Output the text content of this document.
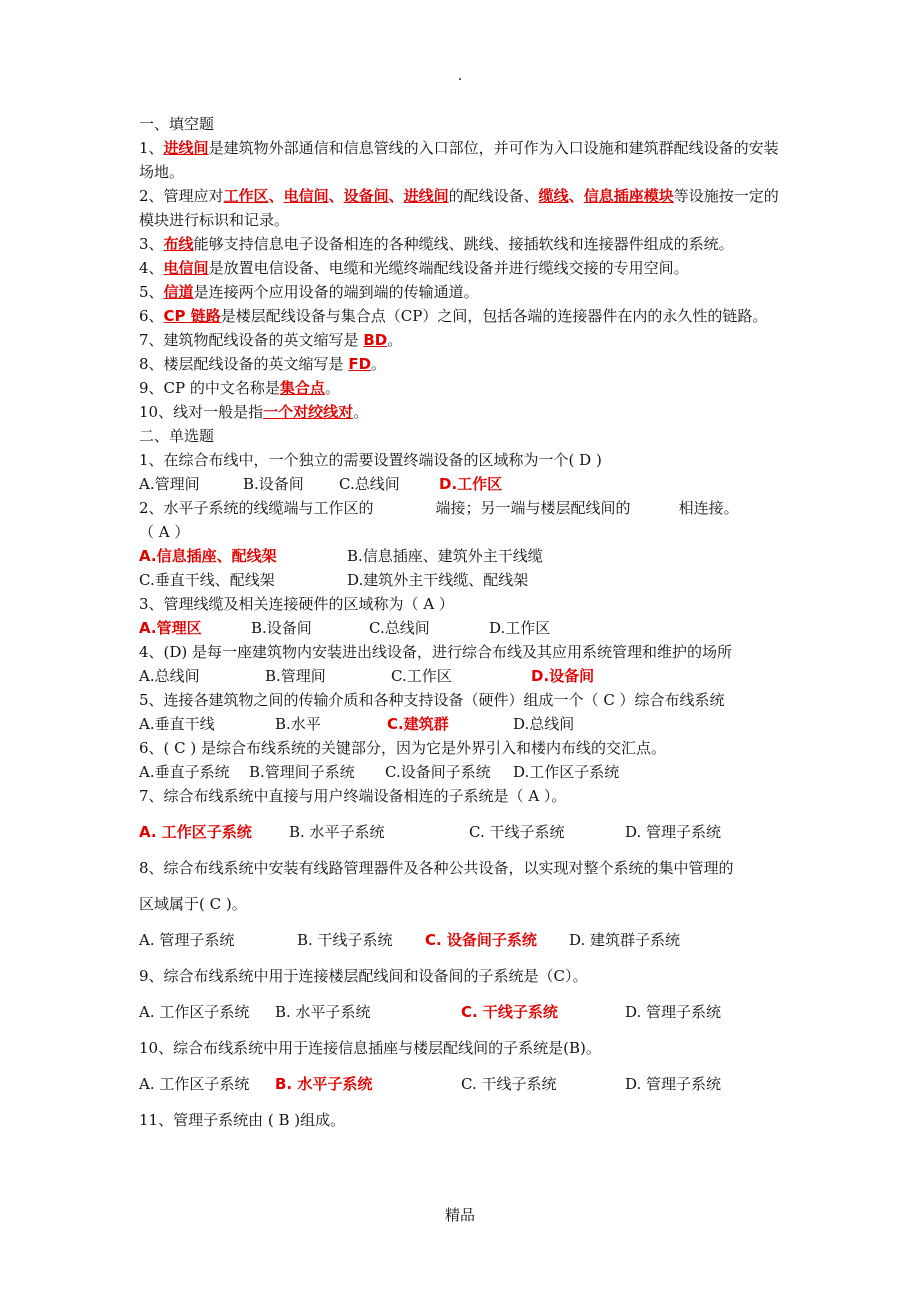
.
一、填空题
1、进线间是建筑物外部通信和信息管线的入口部位，并可作为入口设施和建筑群配线设备的安装场地。
2、管理应对工作区、电信间、设备间、进线间的配线设备、缆线、信息插座模块等设施按一定的模块进行标识和记录。
3、布线能够支持信息电子设备相连的各种缆线、跳线、接插软线和连接器件组成的系统。
4、电信间是放置电信设备、电缆和光缆终端配线设备并进行缆线交接的专用空间。
5、信道是连接两个应用设备的端到端的传输通道。
6、CP 链路是楼层配线设备与集合点（CP）之间，包括各端的连接器件在内的永久性的链路。
7、建筑物配线设备的英文缩写是 BD。
8、楼层配线设备的英文缩写是 FD。
9、CP 的中文名称是集合点。
10、线对一般是指一个对绞线对。
二、单选题
1、在综合布线中，一个独立的需要设置终端设备的区域称为一个( D )
A.管理间	B.设备间 C.总线间	D.工作区
2、水平子系统的线缆端与工作区的	端接；另一端与楼层配线间的	相连接。
（ A ）
A.信息插座、配线架	B.信息插座、建筑外主干线缆
C.垂直干线、配线架	D.建筑外主干线缆、配线架
3、管理线缆及相关连接硬件的区域称为（ A ）
A.管理区	B.设备间	C.总线间	D.工作区
4、(D) 是每一座建筑物内安装进出线设备，进行综合布线及其应用系统管理和维护的场所
A.总线间	B.管理间	C.工作区	D.设备间
5、连接各建筑物之间的传输介质和各种支持设备（硬件）组成一个（ C ）综合布线系统
A.垂直干线	B.水平	C.建筑群	D.总线间
6、( C ) 是综合布线系统的关键部分，因为它是外界引入和楼内布线的交汇点。
A.垂直子系统 B.管理间子系统 C.设备间子系统 D.工作区子系统
7、综合布线系统中直接与用户终端设备相连的子系统是（ A ）。
A. 工作区子系统 B. 水平子系统	C. 干线子系统	D. 管理子系统
8、综合布线系统中安装有线路管理器件及各种公共设备，以实现对整个系统的集中管理的
区域属于( C )。
A. 管理子系统	B. 干线子系统 C. 设备间子系统 D. 建筑群子系统
9、综合布线系统中用于连接楼层配线间和设备间的子系统是（C）。
A. 工作区子系统 B. 水平子系统	C. 干线子系统	D. 管理子系统
10、综合布线系统中用于连接信息插座与楼层配线间的子系统是(B)。
A. 工作区子系统 B. 水平子系统	C. 干线子系统	D. 管理子系统
11、管理子系统由 ( B )组成。
精品
